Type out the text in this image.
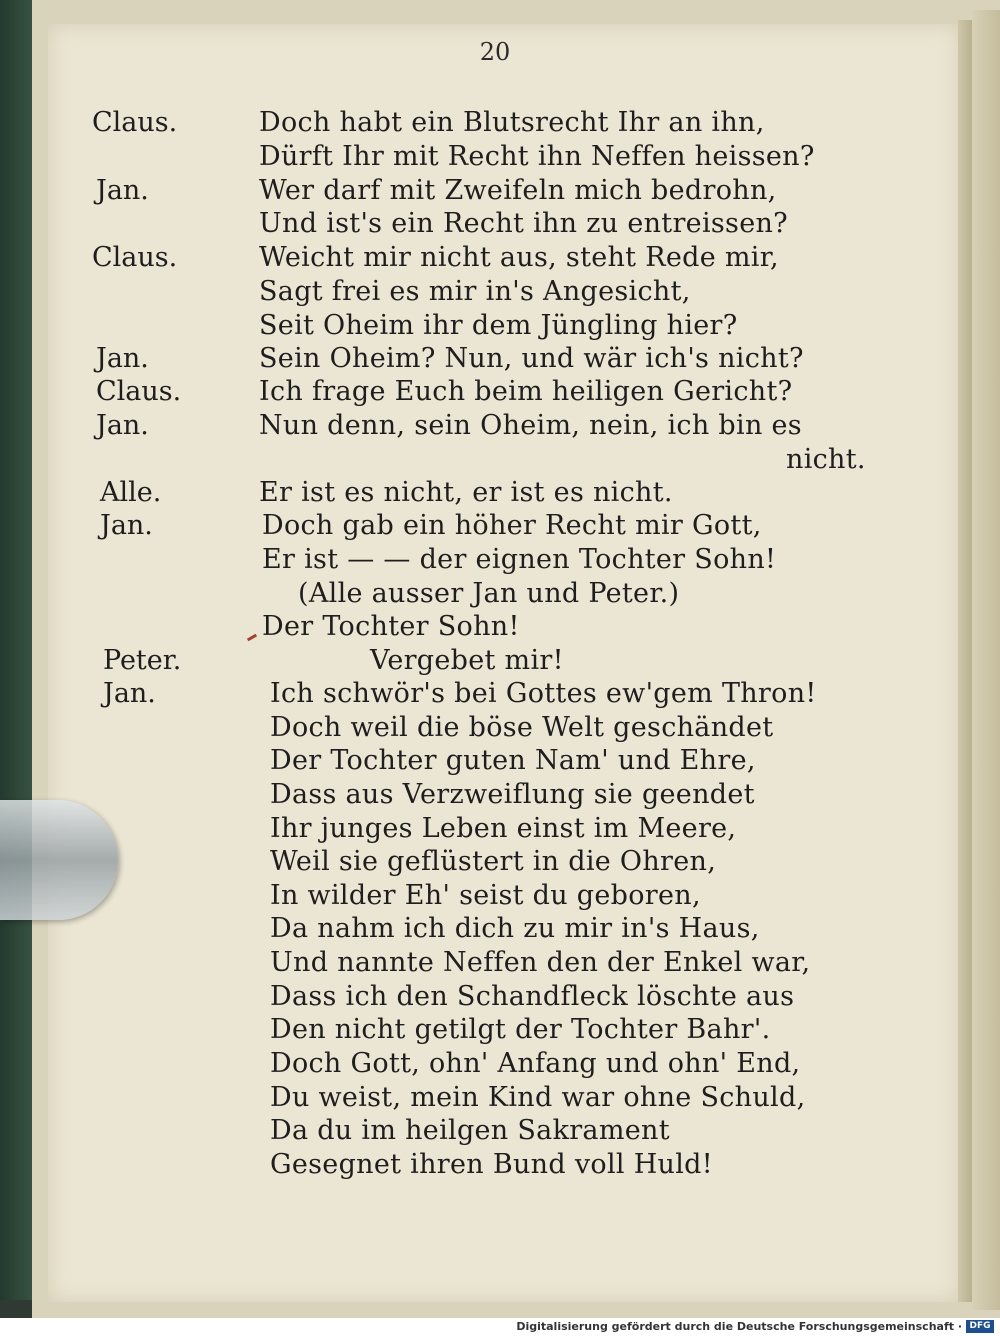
20
Claus.	Doch habt ein Blutsrecht Ihr an ihn,
Dürft Ihr mit Recht ihn Neffen heissen?
Jan.	Wer darf mit Zweifeln mich bedrohn,
Und ist's ein Recht ihn zu entreissen?
Claus.	Weicht mir nicht aus, steht Rede mir,
Sagt frei es mir in's Angesicht,
Seit Oheim ihr dem Jüngling hier?
Jan.	Sein Oheim? Nun, und wär ich's nicht?
Claus.	Ich frage Euch beim heiligen Gericht?
Jan.	Nun denn, sein Oheim, nein, ich bin es
nicht.
Alle.	Er ist es nicht, er ist es nicht.
Jan.	Doch gab ein höher Recht mir Gott,
Er ist — — der eignen Tochter Sohn!
(Alle ausser Jan und Peter.)
Der Tochter Sohn!
Peter.	Vergebet mir!
Jan.	Ich schwör's bei Gottes ew'gem Thron!
Doch weil die böse Welt geschändet
Der Tochter guten Nam' und Ehre,
Dass aus Verzweiflung sie geendet
Ihr junges Leben einst im Meere,
Weil sie geflüstert in die Ohren,
In wilder Eh' seist du geboren,
Da nahm ich dich zu mir in's Haus,
Und nannte Neffen den der Enkel war,
Dass ich den Schandfleck löschte aus
Den nicht getilgt der Tochter Bahr'.
Doch Gott, ohn' Anfang und ohn' End,
Du weist, mein Kind war ohne Schuld,
Da du im heilgen Sakrament
Gesegnet ihren Bund voll Huld!
Digitalisierung gefördert durch die Deutsche Forschungsgemeinschaft · DFG
